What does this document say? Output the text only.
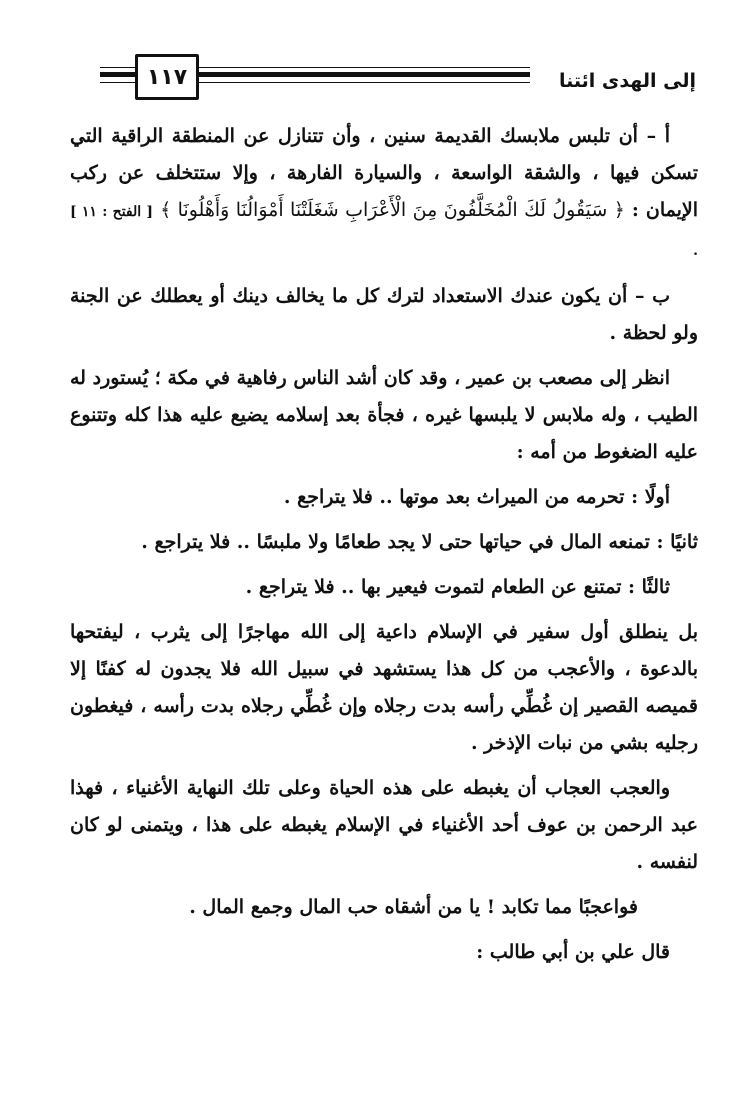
١١٧	إلى الهدى ائتنا

أ – أن تلبس ملابسك القديمة سنين ، وأن تتنازل عن المنطقة الراقية التي تسكن فيها ، والشقة الواسعة ، والسيارة الفارهة ، وإلا ستتخلف عن ركب الإيمان : ﴿ سَيَقُولُ لَكَ الْمُخَلَّفُونَ مِنَ الْأَعْرَابِ شَغَلَتْنَا أَمْوَالُنَا وَأَهْلُونَا ﴾ [ الفتح : ١١ ] .

ب – أن يكون عندك الاستعداد لترك كل ما يخالف دينك أو يعطلك عن الجنة ولو لحظة .

انظر إلى مصعب بن عمير ، وقد كان أشد الناس رفاهية في مكة ؛ يُستورد له الطيب ، وله ملابس لا يلبسها غيره ، فجأة بعد إسلامه يضيع عليه هذا كله وتتنوع عليه الضغوط من أمه :

أولًا : تحرمه من الميراث بعد موتها .. فلا يتراجع .

ثانيًا : تمنعه المال في حياتها حتى لا يجد طعامًا ولا ملبسًا .. فلا يتراجع .

ثالثًا : تمتنع عن الطعام لتموت فيعير بها .. فلا يتراجع .

بل ينطلق أول سفير في الإسلام داعية إلى الله مهاجرًا إلى يثرب ، ليفتحها بالدعوة ، والأعجب من كل هذا يستشهد في سبيل الله فلا يجدون له كفنًا إلا قميصه القصير إن غُطِّي رأسه بدت رجلاه وإن غُطِّي رجلاه بدت رأسه ، فيغطون رجليه بشي من نبات الإذخر .

والعجب العجاب أن يغبطه على هذه الحياة وعلى تلك النهاية الأغنياء ، فهذا عبد الرحمن بن عوف أحد الأغنياء في الإسلام يغبطه على هذا ، ويتمنى لو كان لنفسه .

فواعجبًا مما تكابد ! يا من أشقاه حب المال وجمع المال .

قال علي بن أبي طالب :
